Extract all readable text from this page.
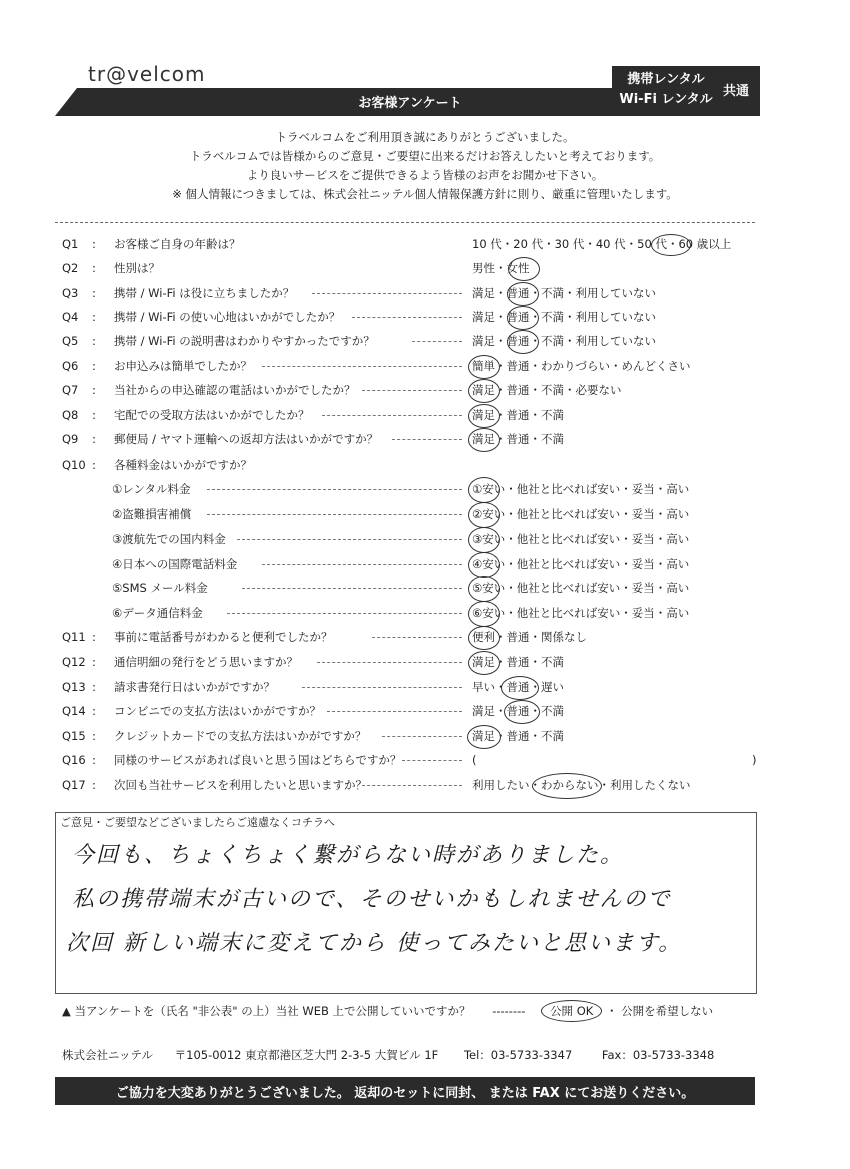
tr@velcom
お客様アンケート
携帯レンタル
Wi-Fi レンタル
共通
トラベルコムをご利用頂き誠にありがとうございました。
トラベルコムでは皆様からのご意見・ご要望に出来るだけお答えしたいと考えております。
より良いサービスをご提供できるよう皆様のお声をお聞かせ下さい。
※ 個人情報につきましては、株式会社ニッテル個人情報保護方針に則り、厳重に管理いたします。
Q1	:	お客様ご自身の年齢は？	10 代・20 代・30 代・40 代・50 代・60 歳以上
Q2	:	性別は？	男性・女性
Q3	:	携帯 / Wi-Fi は役に立ちましたか？	満足・普通・不満・利用していない
Q4	:	携帯 / Wi-Fi の使い心地はいかがでしたか？	満足・普通・不満・利用していない
Q5	:	携帯 / Wi-Fi の説明書はわかりやすかったですか？	満足・普通・不満・利用していない
Q6	:	お申込みは簡単でしたか？	簡単・普通・わかりづらい・めんどくさい
Q7	:	当社からの申込確認の電話はいかがでしたか？	満足・普通・不満・必要ない
Q8	:	宅配での受取方法はいかがでしたか？	満足・普通・不満
Q9	:	郵便局 / ヤマト運輸への返却方法はいかがですか？	満足・普通・不満
Q10 :	各種料金はいかがですか？
①レンタル料金	①安い・他社と比べれば安い・妥当・高い
②盗難損害補償	②安い・他社と比べれば安い・妥当・高い
③渡航先での国内料金	③安い・他社と比べれば安い・妥当・高い
④日本への国際電話料金	④安い・他社と比べれば安い・妥当・高い
⑤SMS メール料金	⑤安い・他社と比べれば安い・妥当・高い
⑥データ通信料金	⑥安い・他社と比べれば安い・妥当・高い
Q11 :	事前に電話番号がわかると便利でしたか？	便利・普通・関係なし
Q12 :	通信明細の発行をどう思いますか？	満足・普通・不満
Q13 :	請求書発行日はいかがですか？	早い・普通・遅い
Q14 :	コンビニでの支払方法はいかがですか？	満足・普通・不満
Q15 :	クレジットカードでの支払方法はいかがですか？	満足・普通・不満
Q16 :	同様のサービスがあれば良いと思う国はどちらですか？	(	)
Q17 :	次回も当社サービスを利用したいと思いますか？	利用したい・わからない・利用したくない
ご意見・ご要望などございましたらご遠慮なくコチラへ
今回も、ちょくちょく繋がらない時がありました。
私の携帯端末が古いので、そのせいかもしれませんので
次回 新しい端末に変えてから 使ってみたいと思います。
▲ 当アンケートを（氏名 "非公表" の上）当社 WEB 上で公開していいですか？ -------- 公開 OK ・ 公開を希望しない
株式会社ニッテル 〒105-0012 東京都港区芝大門 2-3-5 大賀ビル 1F Tel：03-5733-3347	Fax：03-5733-3348
ご協力を大変ありがとうございました。 返却のセットに同封、 または FAX にてお送りください。
